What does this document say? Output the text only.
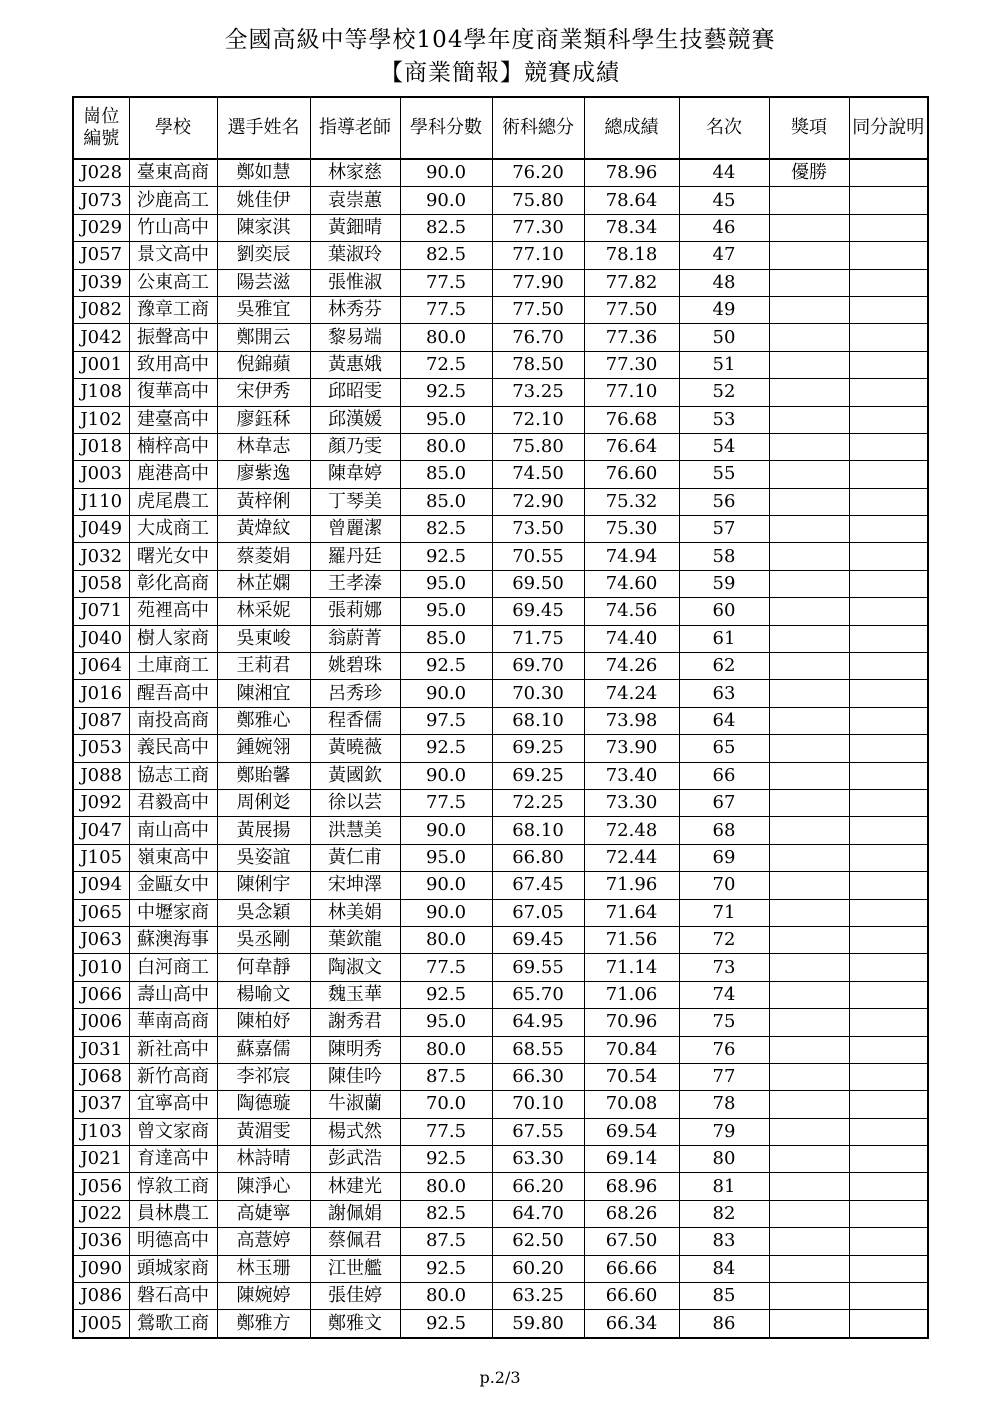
全國高級中等學校104學年度商業類科學生技藝競賽
【商業簡報】競賽成績
崗位
編號	學校	選手姓名	指導老師	學科分數	術科總分	總成績	名次	獎項	同分說明
J028	臺東高商	鄭如慧	林家慈	90.0	76.20	78.96	44	優勝	
J073	沙鹿高工	姚佳伊	袁崇蕙	90.0	75.80	78.64	45		
J029	竹山高中	陳家淇	黃鈿晴	82.5	77.30	78.34	46		
J057	景文高中	劉奕辰	葉淑玲	82.5	77.10	78.18	47		
J039	公東高工	陽芸滋	張惟淑	77.5	77.90	77.82	48		
J082	豫章工商	吳雅宜	林秀芬	77.5	77.50	77.50	49		
J042	振聲高中	鄭開云	黎易端	80.0	76.70	77.36	50		
J001	致用高中	倪錦蘋	黃惠娥	72.5	78.50	77.30	51		
J108	復華高中	宋伊秀	邱昭雯	92.5	73.25	77.10	52		
J102	建臺高中	廖鈺秝	邱漢媛	95.0	72.10	76.68	53		
J018	楠梓高中	林韋志	顏乃雯	80.0	75.80	76.64	54		
J003	鹿港高中	廖紫逸	陳韋婷	85.0	74.50	76.60	55		
J110	虎尾農工	黃梓俐	丁琴美	85.0	72.90	75.32	56		
J049	大成商工	黃煒紋	曾麗潔	82.5	73.50	75.30	57		
J032	曙光女中	蔡菱娟	羅丹廷	92.5	70.55	74.94	58		
J058	彰化高商	林芷嫻	王孝溱	95.0	69.50	74.60	59		
J071	苑裡高中	林采妮	張莉娜	95.0	69.45	74.56	60		
J040	樹人家商	吳東峻	翁蔚菁	85.0	71.75	74.40	61		
J064	土庫商工	王莉君	姚碧珠	92.5	69.70	74.26	62		
J016	醒吾高中	陳湘宜	呂秀珍	90.0	70.30	74.24	63		
J087	南投高商	鄭雅心	程香儒	97.5	68.10	73.98	64		
J053	義民高中	鍾婉翎	黃曉薇	92.5	69.25	73.90	65		
J088	協志工商	鄭貽馨	黃國欽	90.0	69.25	73.40	66		
J092	君毅高中	周俐彣	徐以芸	77.5	72.25	73.30	67		
J047	南山高中	黃展揚	洪慧美	90.0	68.10	72.48	68		
J105	嶺東高中	吳姿誼	黃仁甫	95.0	66.80	72.44	69		
J094	金甌女中	陳俐宇	宋坤澤	90.0	67.45	71.96	70		
J065	中壢家商	吳念穎	林美娟	90.0	67.05	71.64	71		
J063	蘇澳海事	吳丞剛	葉欽龍	80.0	69.45	71.56	72		
J010	白河商工	何韋靜	陶淑文	77.5	69.55	71.14	73		
J066	壽山高中	楊喻文	魏玉華	92.5	65.70	71.06	74		
J006	華南高商	陳柏妤	謝秀君	95.0	64.95	70.96	75		
J031	新社高中	蘇嘉儒	陳明秀	80.0	68.55	70.84	76		
J068	新竹高商	李祁宸	陳佳吟	87.5	66.30	70.54	77		
J037	宜寧高中	陶德璇	牛淑蘭	70.0	70.10	70.08	78		
J103	曾文家商	黃湄雯	楊式然	77.5	67.55	69.54	79		
J021	育達高中	林詩晴	彭武浩	92.5	63.30	69.14	80		
J056	惇敘工商	陳淨心	林建光	80.0	66.20	68.96	81		
J022	員林農工	高婕寧	謝佩娟	82.5	64.70	68.26	82		
J036	明德高中	高薏婷	蔡佩君	87.5	62.50	67.50	83		
J090	頭城家商	林玉珊	江世艦	92.5	60.20	66.66	84		
J086	磐石高中	陳婉婷	張佳婷	80.0	63.25	66.60	85		
J005	鶯歌工商	鄭雅方	鄭雅文	92.5	59.80	66.34	86		
p.2/3
